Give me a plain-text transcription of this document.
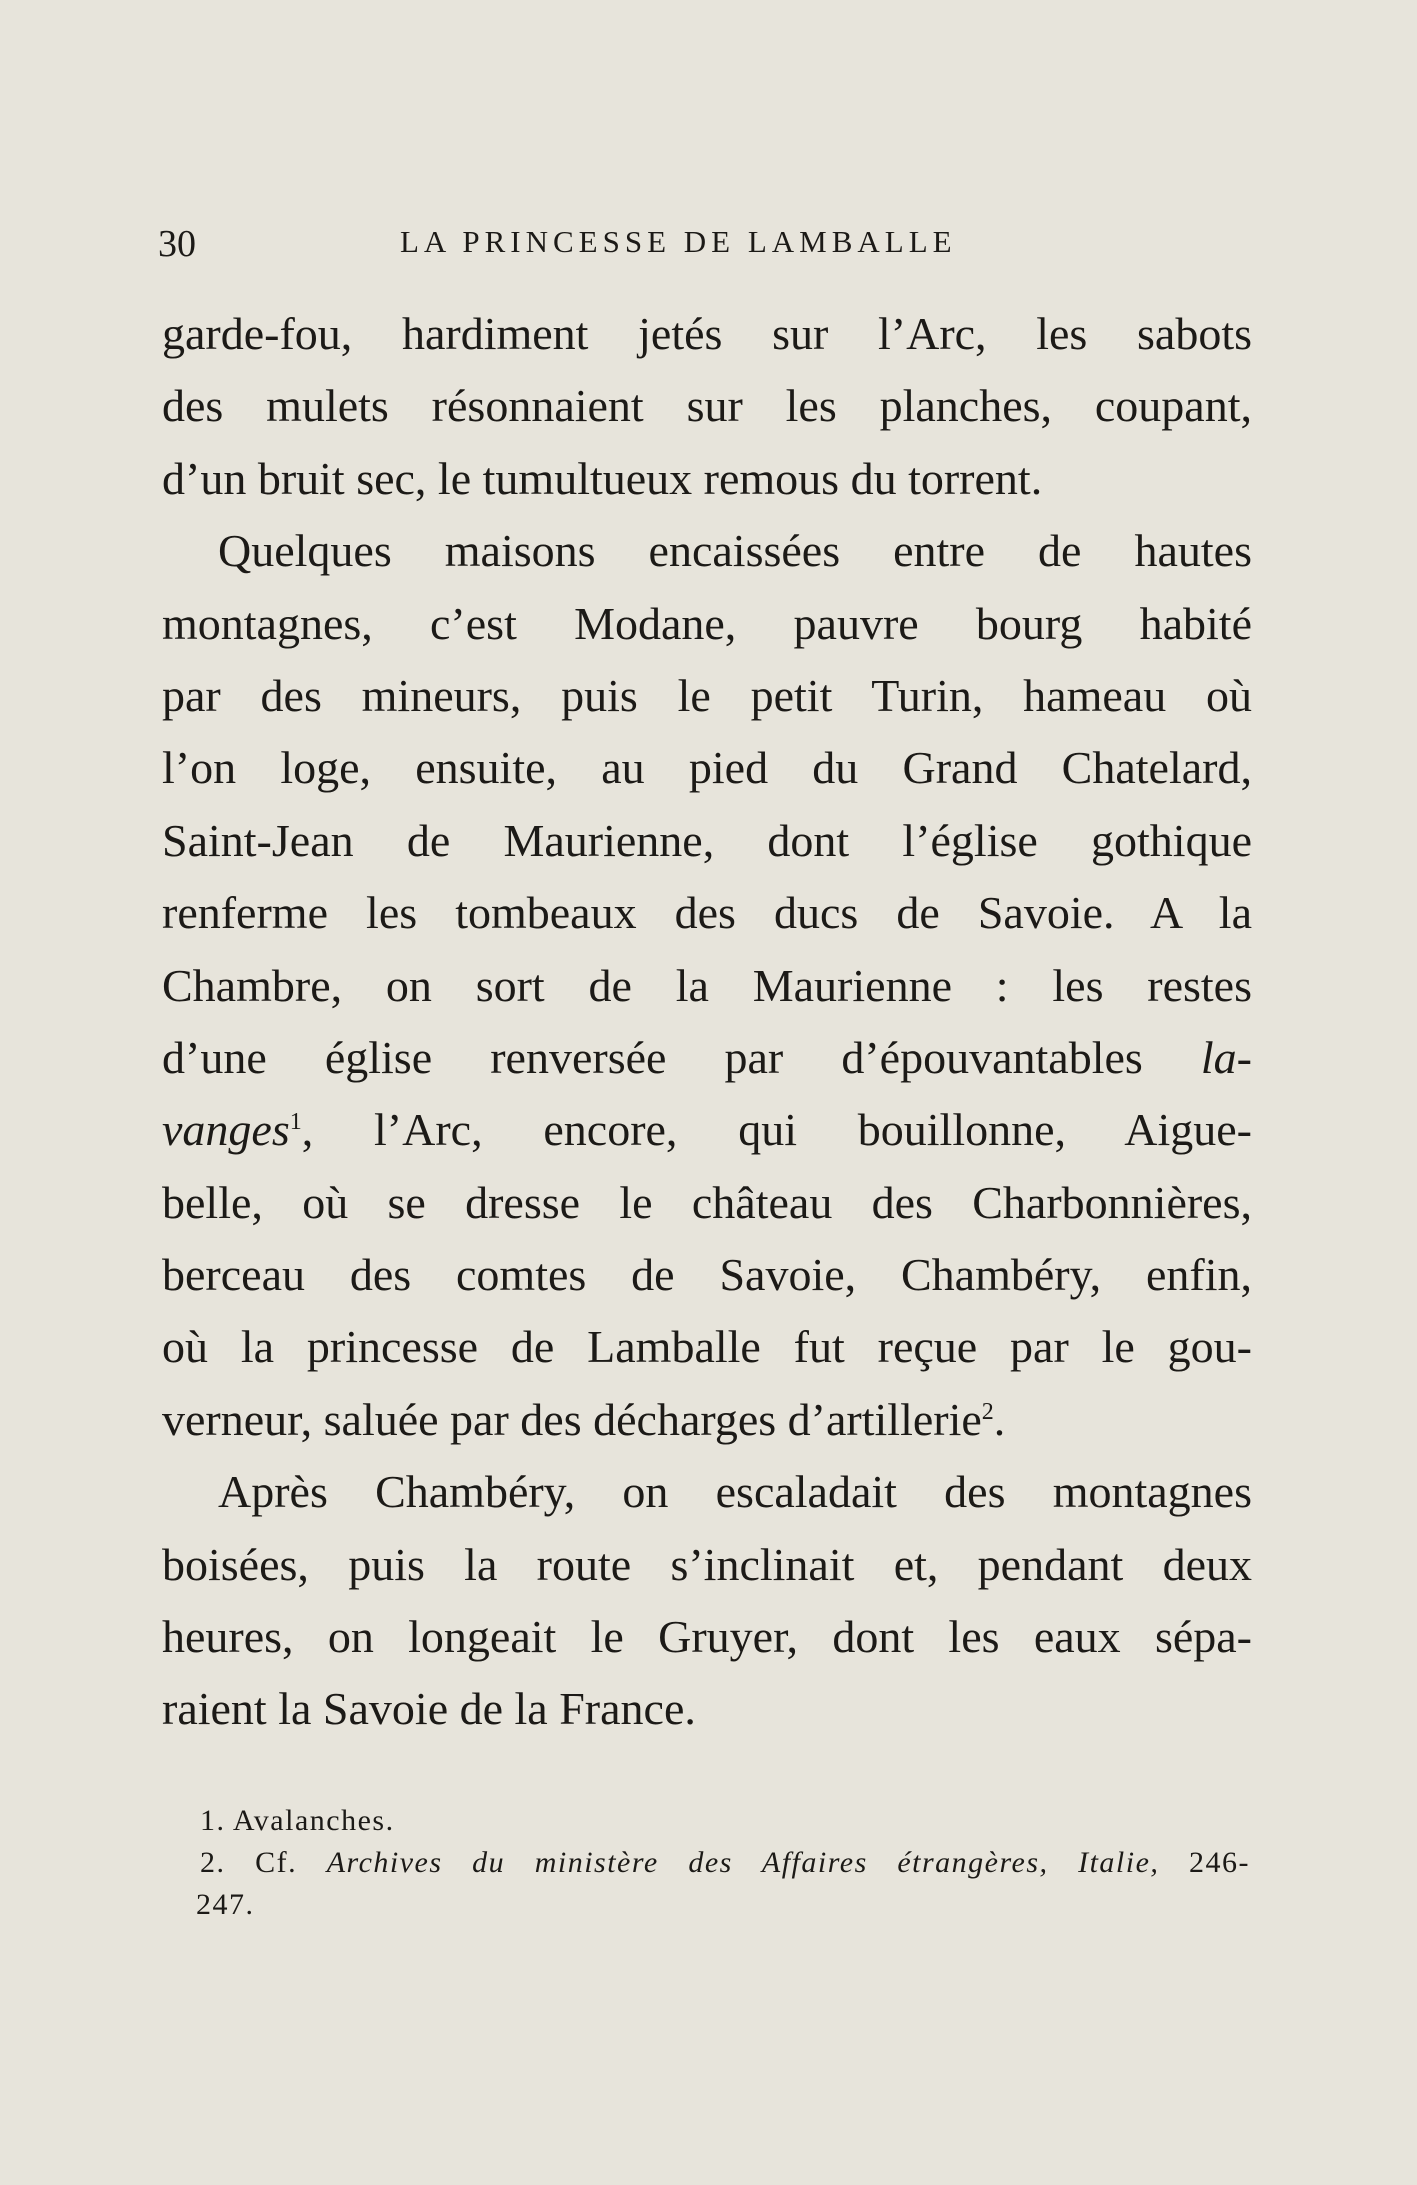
30	LA PRINCESSE DE LAMBALLE
garde-fou, hardiment jetés sur l’Arc, les sabots
des mulets résonnaient sur les planches, coupant,
d’un bruit sec, le tumultueux remous du torrent.
Quelques maisons encaissées entre de hautes
montagnes, c’est Modane, pauvre bourg habité
par des mineurs, puis le petit Turin, hameau où
l’on loge, ensuite, au pied du Grand Chatelard,
Saint-Jean de Maurienne, dont l’église gothique
renferme les tombeaux des ducs de Savoie. A la
Chambre, on sort de la Maurienne : les restes
d’une église renversée par d’épouvantables la-
vanges$^1$, l’Arc, encore, qui bouillonne, Aigue-
belle, où se dresse le château des Charbonnières,
berceau des comtes de Savoie, Chambéry, enfin,
où la princesse de Lamballe fut reçue par le gou-
verneur, saluée par des décharges d’artillerie$^2$.
Après Chambéry, on escaladait des montagnes
boisées, puis la route s’inclinait et, pendant deux
heures, on longeait le Gruyer, dont les eaux sépa-
raient la Savoie de la France.
1. Avalanches.
2. Cf. Archives du ministère des Affaires étrangères, Italie, 246-
247.
